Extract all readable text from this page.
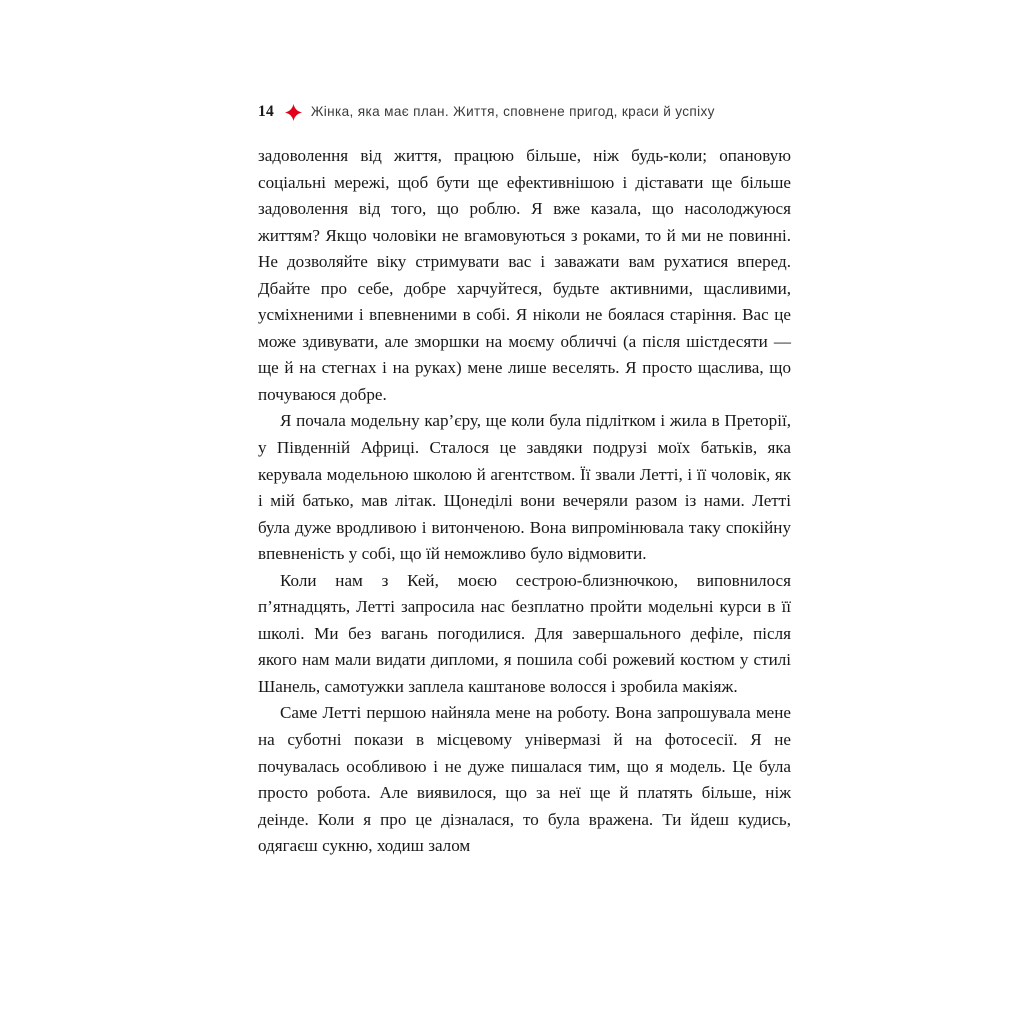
14	Жінка, яка має план. Життя, сповнене пригод, краси й успіху

задоволення від життя, працюю більше, ніж будь-коли; опановую соціальні мережі, щоб бути ще ефективнішою і діставати ще більше задоволення від того, що роблю. Я вже казала, що насолоджуюся життям? Якщо чоловіки не вгамовуються з роками, то й ми не повинні. Не дозволяйте віку стримувати вас і заважати вам рухатися вперед. Дбайте про себе, добре харчуйтеся, будьте активними, щасливими, усміхненими і впевненими в собі. Я ніколи не боялася старіння. Вас це може здивувати, але зморшки на моєму обличчі (а після шістдесяти — ще й на стегнах і на руках) мене лише веселять. Я просто щаслива, що почуваюся добре.

Я почала модельну кар’єру, ще коли була підлітком і жила в Преторії, у Південній Африці. Сталося це завдяки подрузі моїх батьків, яка керувала модельною школою й агентством. Її звали Летті, і її чоловік, як і мій батько, мав літак. Щонеділі вони вечеряли разом із нами. Летті була дуже вродливою і витонченою. Вона випромінювала таку спокійну впевненість у собі, що їй неможливо було відмовити.

Коли нам з Кей, моєю сестрою-близнючкою, виповнилося п’ятнадцять, Летті запросила нас безплатно пройти модельні курси в її школі. Ми без вагань погодилися. Для завершального дефіле, після якого нам мали видати дипломи, я пошила собі рожевий костюм у стилі Шанель, самотужки заплела каштанове волосся і зробила макіяж.

Саме Летті першою найняла мене на роботу. Вона запрошувала мене на суботні покази в місцевому універмазі й на фотосесії. Я не почувалась особливою і не дуже пишалася тим, що я модель. Це була просто робота. Але виявилося, що за неї ще й платять більше, ніж деінде. Коли я про це дізналася, то була вражена. Ти йдеш кудись, одягаєш сукню, ходиш залом
